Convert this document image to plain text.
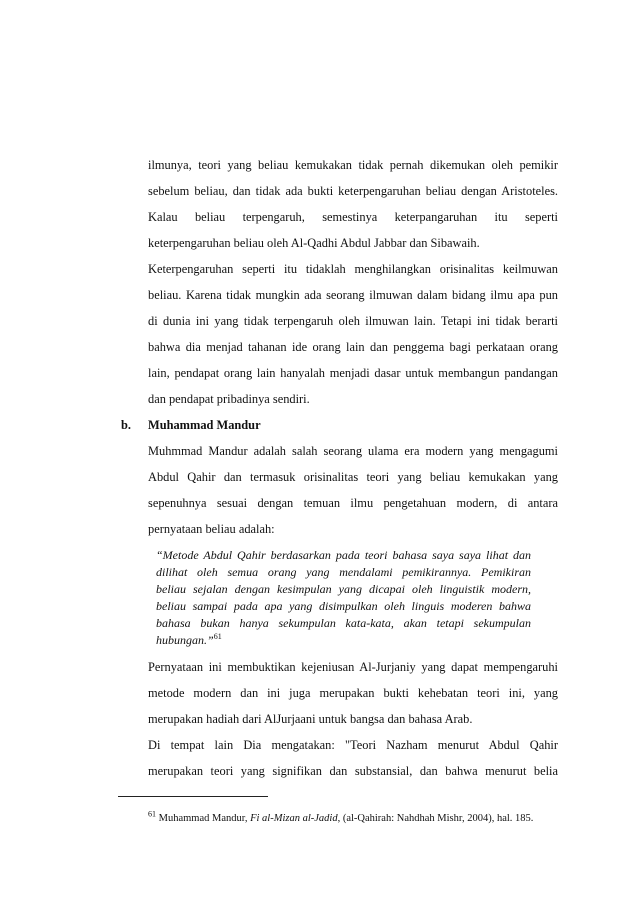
ilmunya, teori yang beliau kemukakan tidak pernah dikemukan oleh pemikir
sebelum beliau, dan tidak ada bukti keterpengaruhan beliau dengan Aristoteles.
Kalau beliau terpengaruh, semestinya keterpangaruhan itu seperti
keterpengaruhan beliau oleh Al-Qadhi Abdul Jabbar dan Sibawaih.
Keterpengaruhan seperti itu tidaklah menghilangkan orisinalitas keilmuwan
beliau. Karena tidak mungkin ada seorang ilmuwan dalam bidang ilmu apa pun
di dunia ini yang tidak terpengaruh oleh ilmuwan lain. Tetapi ini tidak berarti
bahwa dia menjad tahanan ide orang lain dan penggema bagi perkataan orang
lain, pendapat orang lain hanyalah menjadi dasar untuk membangun pandangan
dan pendapat pribadinya sendiri.
b. Muhammad Mandur
Muhmmad Mandur adalah salah seorang ulama era modern yang mengagumi
Abdul Qahir dan termasuk orisinalitas teori yang beliau kemukakan yang
sepenuhnya sesuai dengan temuan ilmu pengetahuan modern, di antara
pernyataan beliau adalah:
“Metode Abdul Qahir berdasarkan pada teori bahasa saya saya lihat dan
dilihat oleh semua orang yang mendalami pemikirannya. Pemikiran
beliau sejalan dengan kesimpulan yang dicapai oleh linguistik modern,
beliau sampai pada apa yang disimpulkan oleh linguis moderen bahwa
bahasa bukan hanya sekumpulan kata-kata, akan tetapi sekumpulan
hubungan.”$^{61}$
Pernyataan ini membuktikan kejeniusan Al-Jurjaniy yang dapat mempengaruhi
metode modern dan ini juga merupakan bukti kehebatan teori ini, yang
merupakan hadiah dari AlJurjaani untuk bangsa dan bahasa Arab.
Di tempat lain Dia mengatakan: "Teori Nazham menurut Abdul Qahir
merupakan teori yang signifikan dan substansial, dan bahwa menurut belia
$^{61}$ Muhammad Mandur, Fi al-Mizan al-Jadid, (al-Qahirah: Nahdhah Mishr, 2004), hal. 185.
